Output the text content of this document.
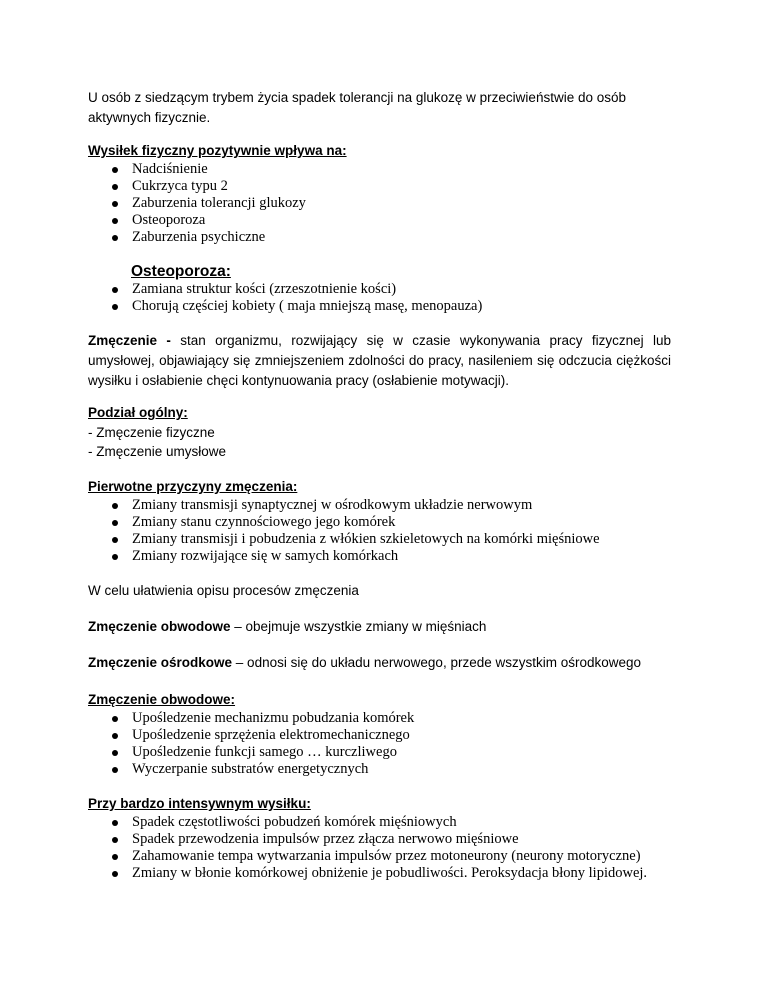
U osób z siedzącym trybem życia spadek tolerancji na glukozę w przeciwieństwie do osób aktywnych fizycznie.

Wysiłek fizyczny pozytywnie wpływa na:
Nadciśnienie
Cukrzyca typu 2
Zaburzenia tolerancji glukozy
Osteoporoza
Zaburzenia psychiczne
Osteoporoza:
Zamiana struktur kości (zrzeszotnienie kości)
Chorują częściej kobiety ( maja mniejszą masę, menopauza)

Zmęczenie - stan organizmu, rozwijający się w czasie wykonywania pracy fizycznej lub umysłowej, objawiający się zmniejszeniem zdolności do pracy, nasileniem się odczucia ciężkości wysiłku i osłabienie chęci kontynuowania pracy (osłabienie motywacji).

Podział ogólny:
- Zmęczenie fizyczne
- Zmęczenie umysłowe
Pierwotne przyczyny zmęczenia:
Zmiany transmisji synaptycznej w ośrodkowym układzie nerwowym
Zmiany stanu czynnościowego jego komórek
Zmiany transmisji i pobudzenia z włókien szkieletowych na komórki mięśniowe
Zmiany rozwijające się w samych komórkach
W celu ułatwienia opisu procesów zmęczenia

Zmęczenie obwodowe – obejmuje wszystkie zmiany w mięśniach

Zmęczenie ośrodkowe – odnosi się do układu nerwowego, przede wszystkim ośrodkowego

Zmęczenie obwodowe:
Upośledzenie mechanizmu pobudzania komórek
Upośledzenie sprzężenia elektromechanicznego
Upośledzenie funkcji samego … kurczliwego
Wyczerpanie substratów energetycznych
Przy bardzo intensywnym wysiłku:
Spadek częstotliwości pobudzeń komórek mięśniowych
Spadek przewodzenia impulsów przez złącza nerwowo mięśniowe
Zahamowanie tempa wytwarzania impulsów przez motoneurony (neurony motoryczne)
Zmiany w błonie komórkowej obniżenie je pobudliwości. Peroksydacja błony lipidowej.
